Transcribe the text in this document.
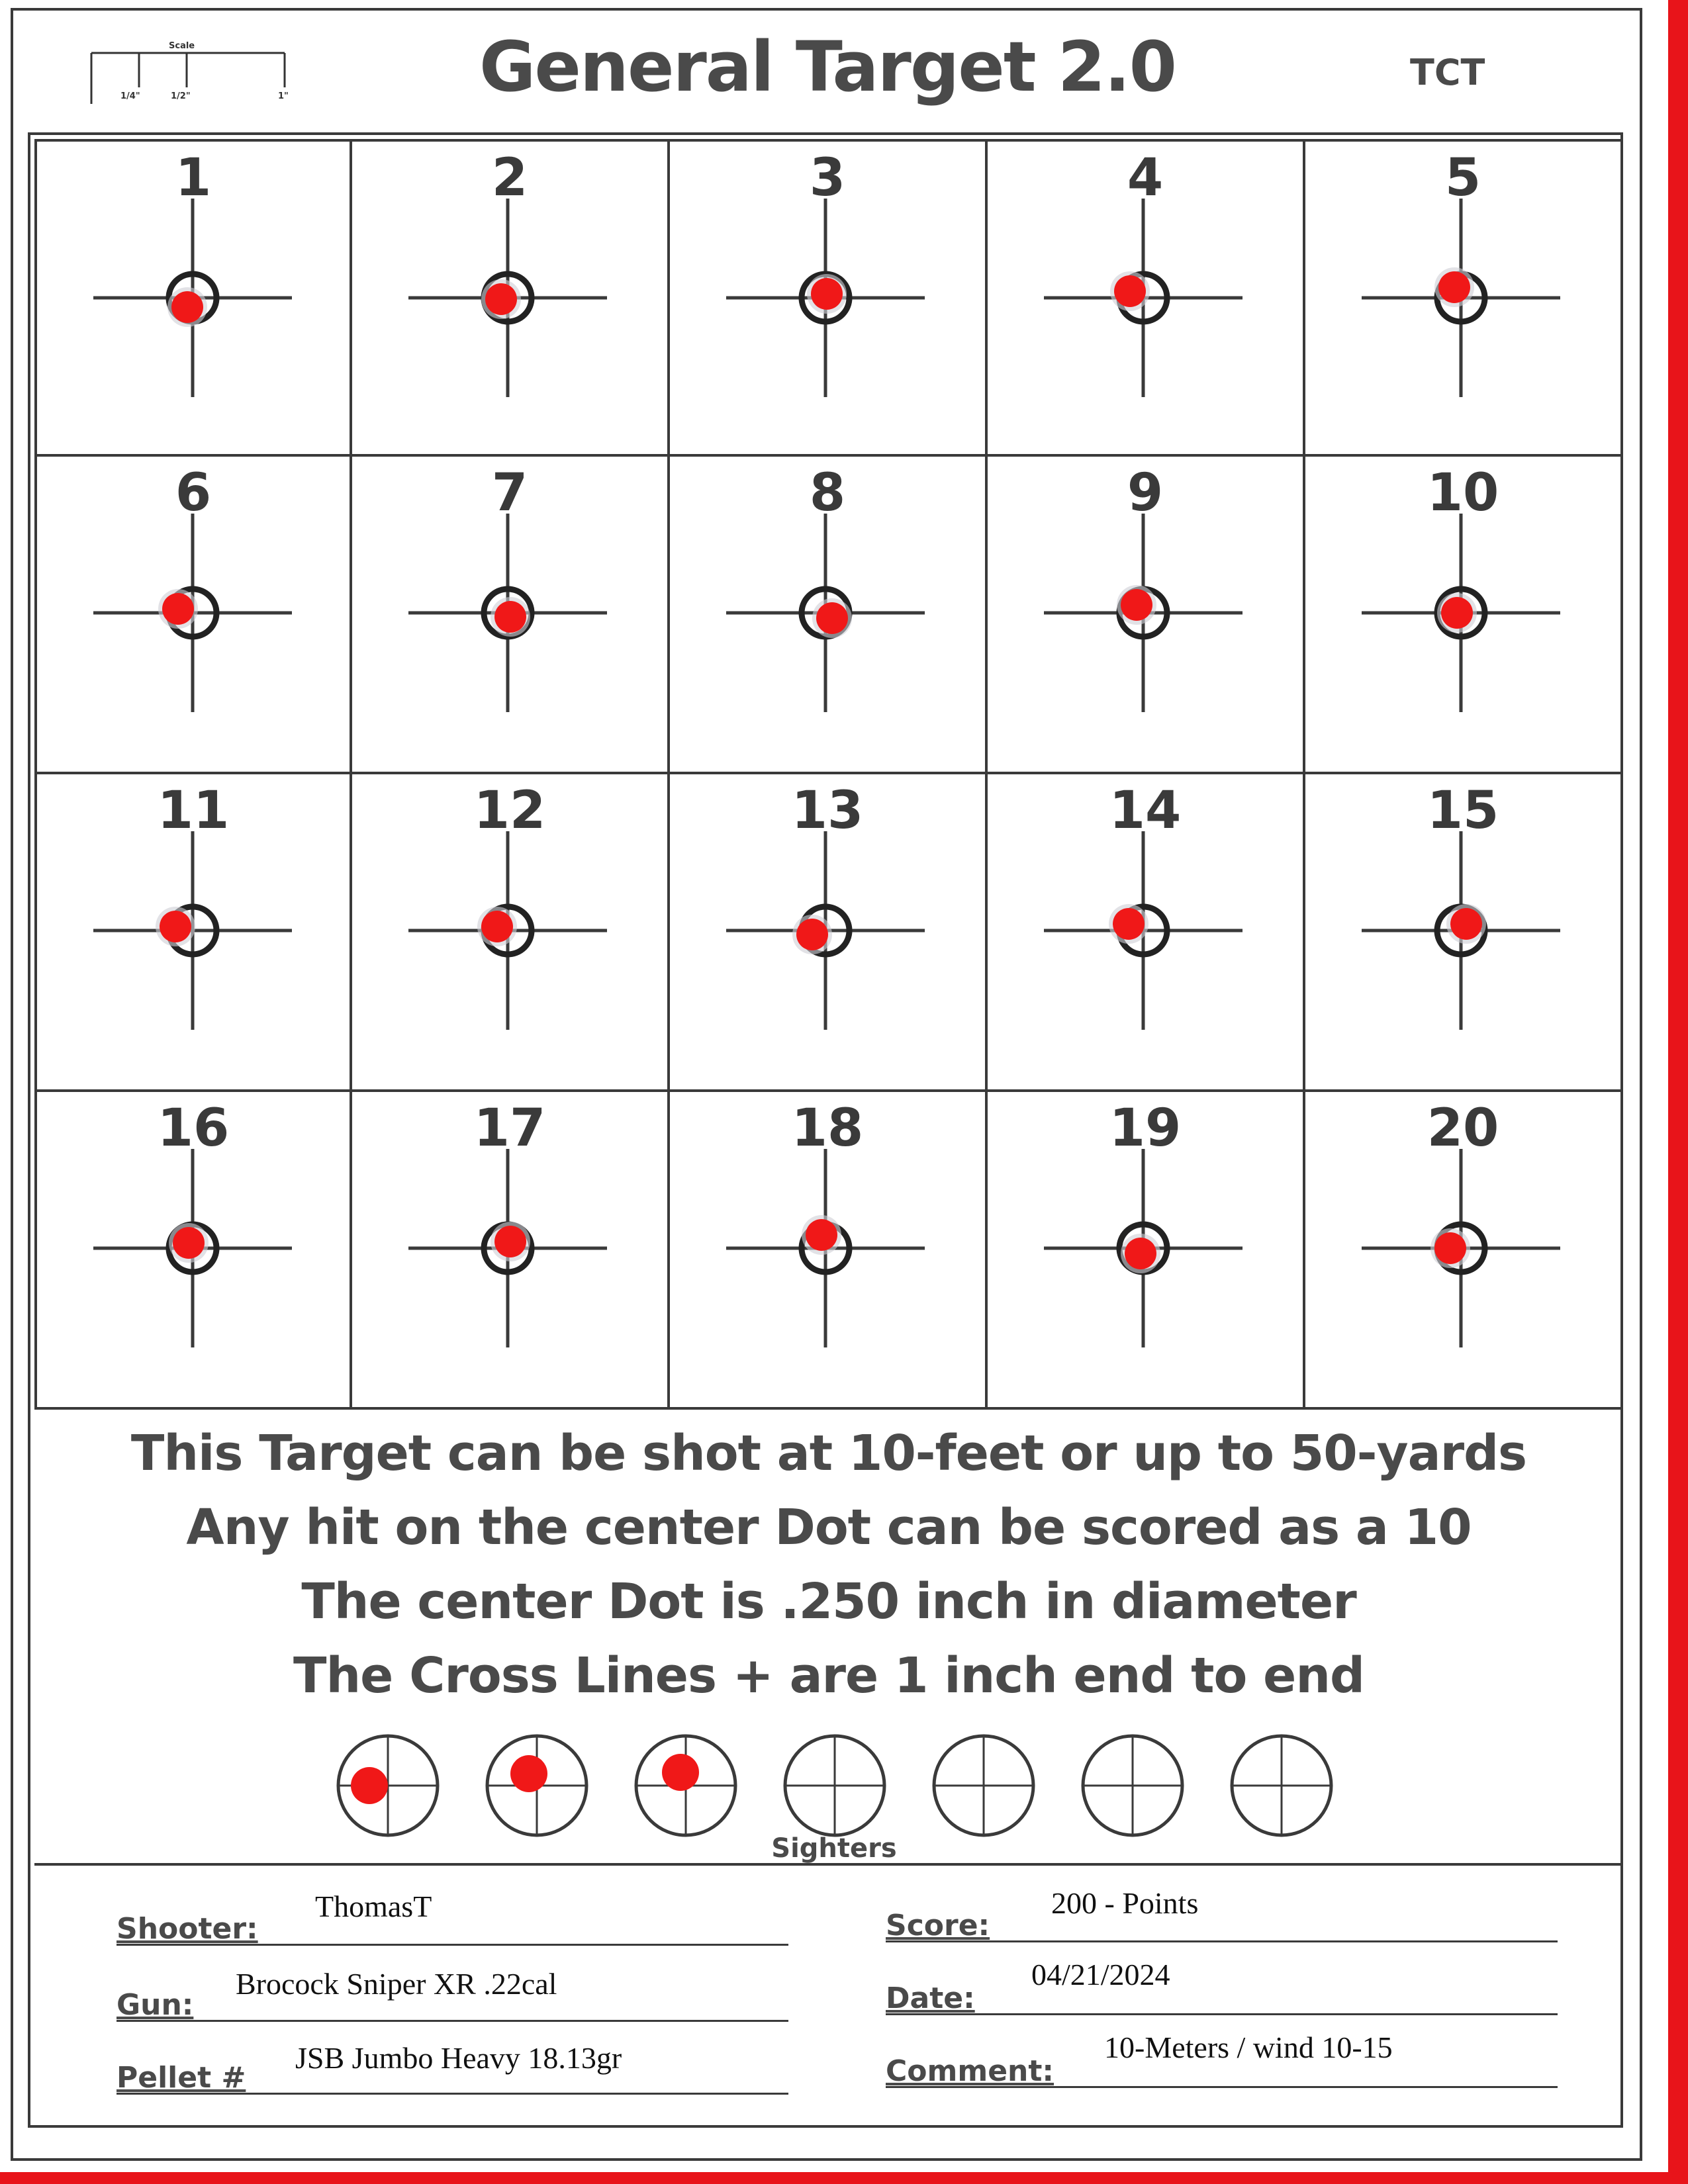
Scale
1/4"	1/2"	1"	General Target 2.0	TCT
1	2	3	4	5
6	7	8	9	10
11	12	13	14	15
16	17	18	19	20
This Target can be shot at 10-feet or up to 50-yards
Any hit on the center Dot can be scored as a 10
The center Dot is .250 inch in diameter
The Cross Lines + are 1 inch end to end
Sighters
Shooter:
ThomasT
Gun:
Brocock Sniper XR .22cal
Pellet #
JSB Jumbo Heavy 18.13gr
Score:
200 - Points
Date:
04/21/2024
Comment:
10-Meters / wind 10-15
